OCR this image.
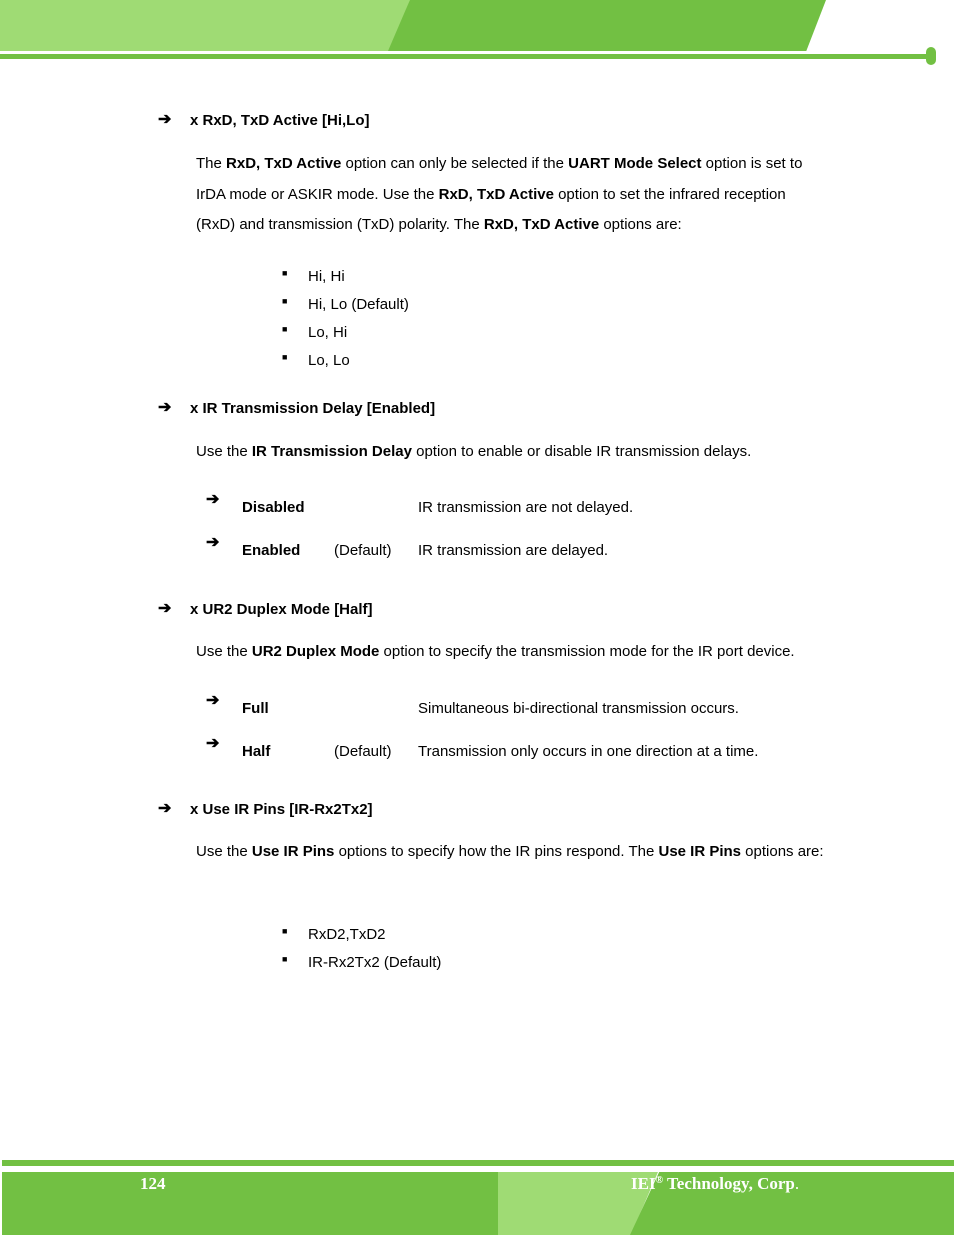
➔ x RxD, TxD Active [Hi,Lo]
The RxD, TxD Active option can only be selected if the UART Mode Select option is set to IrDA mode or ASKIR mode. Use the RxD, TxD Active option to set the infrared reception (RxD) and transmission (TxD) polarity. The RxD, TxD Active options are:
■ Hi, Hi
■ Hi, Lo (Default)
■ Lo, Hi
■ Lo, Lo
➔ x IR Transmission Delay [Enabled]
Use the IR Transmission Delay option to enable or disable IR transmission delays.
➔ Disabled	IR transmission are not delayed.
➔ Enabled (Default) IR transmission are delayed.
➔ x UR2 Duplex Mode [Half]
Use the UR2 Duplex Mode option to specify the transmission mode for the IR port device.
➔ Full	Simultaneous bi-directional transmission occurs.
➔ Half	(Default) Transmission only occurs in one direction at a time.
➔ x Use IR Pins [IR-Rx2Tx2]
Use the Use IR Pins options to specify how the IR pins respond. The Use IR Pins options are:
■ RxD2,TxD2
■ IR-Rx2Tx2 (Default)
124	IEI® Technology, Corp.
